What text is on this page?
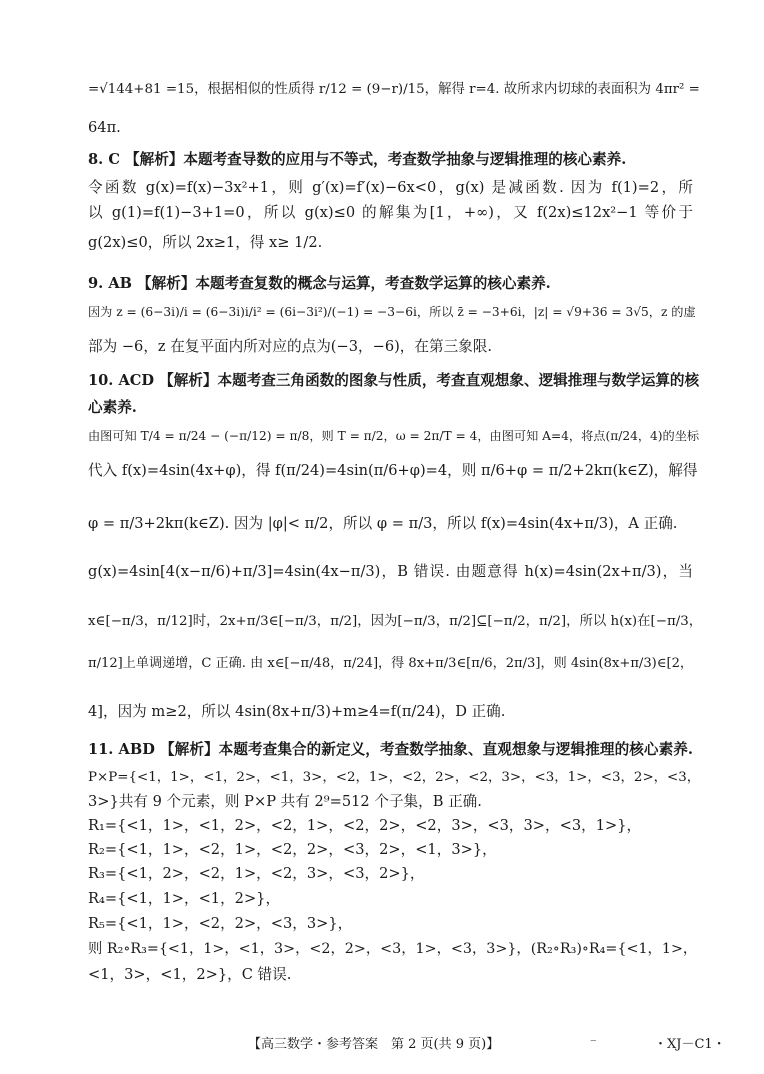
【高三数学・参考答案　第 2 页(共 9 页)】	–	・XJ－C1・
=√144+81 =15，根据相似的性质得 r/12 = (9−r)/15，解得 r=4. 故所求内切球的表面积为 4πr² =
64π.
8. C 【解析】本题考查导数的应用与不等式，考查数学抽象与逻辑推理的核心素养.
令函数 g(x)=f(x)−3x²+1，则 g′(x)=f′(x)−6x<0，g(x) 是减函数. 因为 f(1)=2，所
以 g(1)=f(1)−3+1=0，所以 g(x)≤0 的解集为[1，+∞)，又 f(2x)≤12x²−1 等价于
g(2x)≤0，所以 2x≥1，得 x≥ 1/2.
9. AB 【解析】本题考查复数的概念与运算，考查数学运算的核心素养.
因为 z = (6−3i)/i = (6−3i)i/i² = (6i−3i²)/(−1) = −3−6i，所以 z̄ = −3+6i，|z| = √9+36 = 3√5，z 的虚
部为 −6，z 在复平面内所对应的点为(−3，−6)，在第三象限.
10. ACD 【解析】本题考查三角函数的图象与性质，考查直观想象、逻辑推理与数学运算的核
心素养.
由图可知 T/4 = π/24 − (−π/12) = π/8，则 T = π/2，ω = 2π/T = 4，由图可知 A=4，将点(π/24，4)的坐标
代入 f(x)=4sin(4x+φ)，得 f(π/24)=4sin(π/6+φ)=4，则 π/6+φ = π/2+2kπ(k∈Z)，解得
φ = π/3+2kπ(k∈Z). 因为 |φ|< π/2，所以 φ = π/3，所以 f(x)=4sin(4x+π/3)，A 正确.
g(x)=4sin[4(x−π/6)+π/3]=4sin(4x−π/3)，B 错误. 由题意得 h(x)=4sin(2x+π/3)，当
x∈[−π/3，π/12]时，2x+π/3∈[−π/3，π/2]，因为[−π/3，π/2]⊆[−π/2，π/2]，所以 h(x)在[−π/3，
π/12]上单调递增，C 正确. 由 x∈[−π/48，π/24]，得 8x+π/3∈[π/6，2π/3]，则 4sin(8x+π/3)∈[2，
4]，因为 m≥2，所以 4sin(8x+π/3)+m≥4=f(π/24)，D 正确.
11. ABD 【解析】本题考查集合的新定义，考查数学抽象、直观想象与逻辑推理的核心素养.
P×P={<1，1>，<1，2>，<1，3>，<2，1>，<2，2>，<2，3>，<3，1>，<3，2>，<3，
3>}共有 9 个元素，则 P×P 共有 2⁹=512 个子集，B 正确.
R₁={<1，1>，<1，2>，<2，1>，<2，2>，<2，3>，<3，3>，<3，1>}，
R₂={<1，1>，<2，1>，<2，2>，<3，2>，<1，3>}，
R₃={<1，2>，<2，1>，<2，3>，<3，2>}，
R₄={<1，1>，<1，2>}，
R₅={<1，1>，<2，2>，<3，3>}，
则 R₂∘R₃={<1，1>，<1，3>，<2，2>，<3，1>，<3，3>}，(R₂∘R₃)∘R₄={<1，1>，
<1，3>，<1，2>}，C 错误.
